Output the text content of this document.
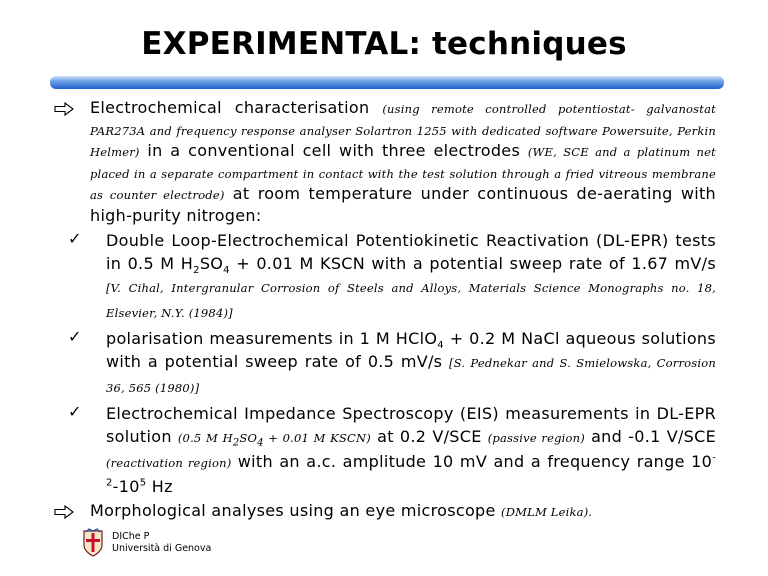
EXPERIMENTAL: techniques
Electrochemical characterisation (using remote controlled potentiostat- galvanostat PAR273A and frequency response analyser Solartron 1255 with dedicated software Powersuite, Perkin Helmer) in a conventional cell with three electrodes (WE, SCE and a platinum net placed in a separate compartment in contact with the test solution through a fried vitreous membrane as counter electrode) at room temperature under continuous de-aerating with high-purity nitrogen:
✓ Double Loop-Electrochemical Potentiokinetic Reactivation (DL-EPR) tests in 0.5 M $H_2SO_4 + 0.01$ M KSCN with a potential sweep rate of 1.67 mV/s [V. Cihal, Intergranular Corrosion of Steels and Alloys, Materials Science Monographs no. 18, Elsevier, N.Y. (1984)]
✓ polarisation measurements in 1 M HClO$_4$ + 0.2 M NaCl aqueous solutions with a potential sweep rate of 0.5 mV/s [S. Pednekar and S. Smielowska, Corrosion 36, 565 (1980)]
✓ Electrochemical Impedance Spectroscopy (EIS) measurements in DL-EPR solution (0.5 M $H_2SO_4 + 0.01$ M KSCN) at 0.2 V/SCE (passive region) and -0.1 V/SCE (reactivation region) with an a.c. amplitude 10 mV and a frequency range $10^{-2}-10^5$ Hz
Morphological analyses using an eye microscope (DMLM Leika).
DIChe P
Università di Genova
